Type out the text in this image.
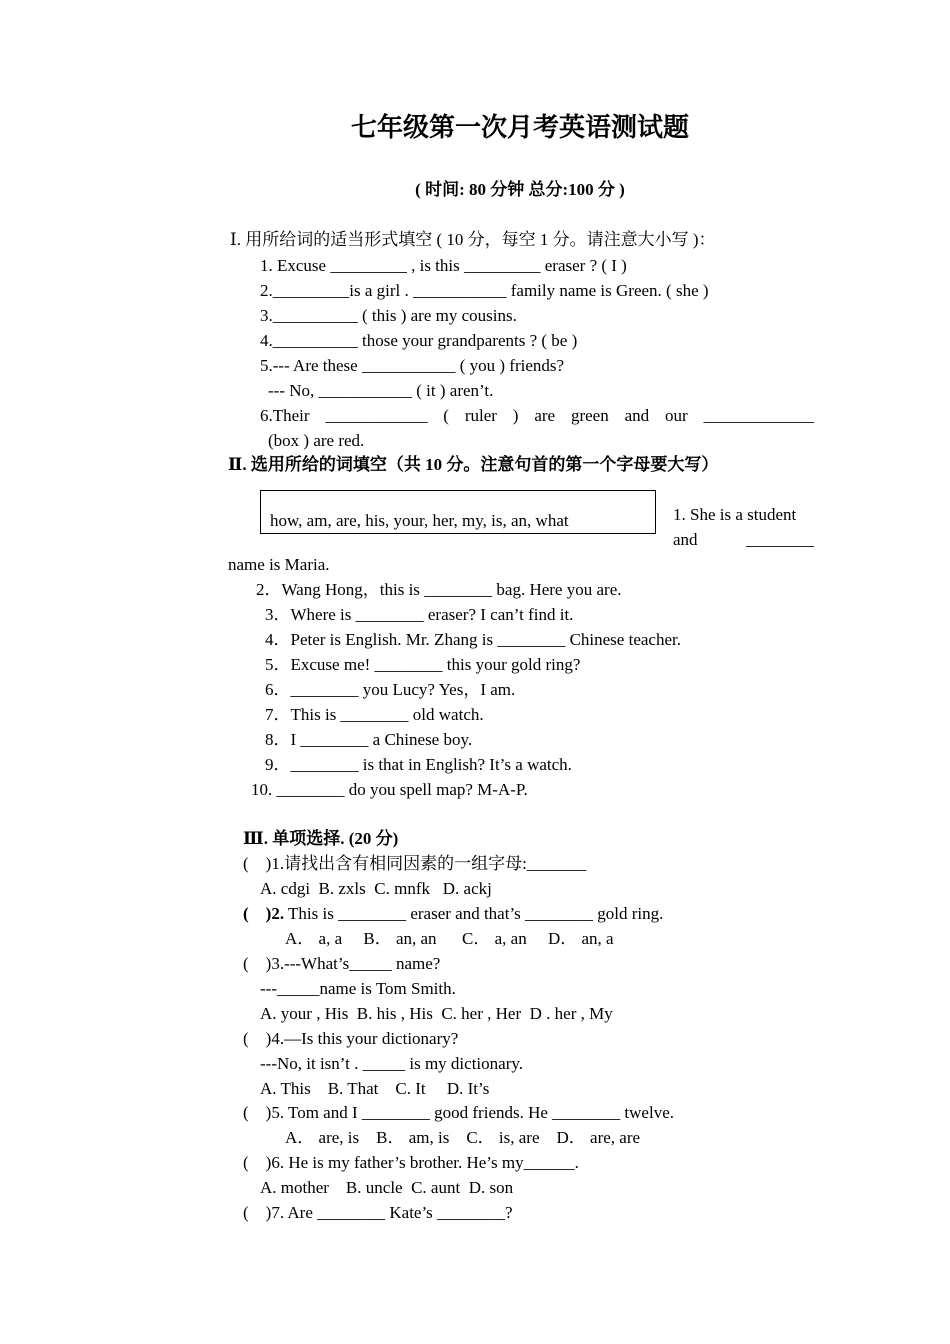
七年级第一次月考英语测试题
( 时间: 80 分钟 总分:100 分 )

Ⅰ. 用所给词的适当形式填空 ( 10 分，每空 1 分。请注意大小写 )：

1. Excuse _________ , is this _________ eraser ? ( I )

2._________is a girl . ___________ family name is Green. ( she )

3.__________ ( this ) are my cousins.

4.__________ those your grandparents ? ( be )

5.--- Are these ___________ ( you ) friends?

--- No, ___________ ( it ) aren’t.

6.Their ____________ ( ruler ) are green and our _____________

(box ) are red.

Ⅱ. 选用所给的词填空（共 10 分。注意句首的第一个字母要大写）

how, am, are, his, your, her, my, is, an, what	1. She is a student

and	________

name is Maria.

2．Wang Hong，this is ________ bag. Here you are.

3．Where is ________ eraser? I can’t find it.

4．Peter is English. Mr. Zhang is ________ Chinese teacher.

5．Excuse me! ________ this your gold ring?

6．________ you Lucy? Yes，I am.

7．This is ________ old watch.

8．I ________ a Chinese boy.

9．________ is that in English? It’s a watch.

10. ________ do you spell map? M-A-P.

Ⅲ. 单项选择. (20 分)

(    )1.请找出含有相同因素的一组字母:_______

A. cdgi  B. zxls  C. mnfk   D. ackj

(    )2. This is ________ eraser and that’s ________ gold ring.

A． a, a     B． an, an      C． a, an     D． an, a

(    )3.---What’s_____ name?

---_____name is Tom Smith.

A. your , His  B. his , His  C. her , Her  D . her , My

(    )4.—Is this your dictionary?

---No, it isn’t . _____ is my dictionary.

A. This    B. That    C. It     D. It’s

(    )5. Tom and I ________ good friends. He ________ twelve.

A． are, is    B． am, is    C． is, are    D． are, are

(    )6. He is my father’s brother. He’s my______.

A. mother    B. uncle  C. aunt  D. son

(    )7. Are ________ Kate’s ________?
